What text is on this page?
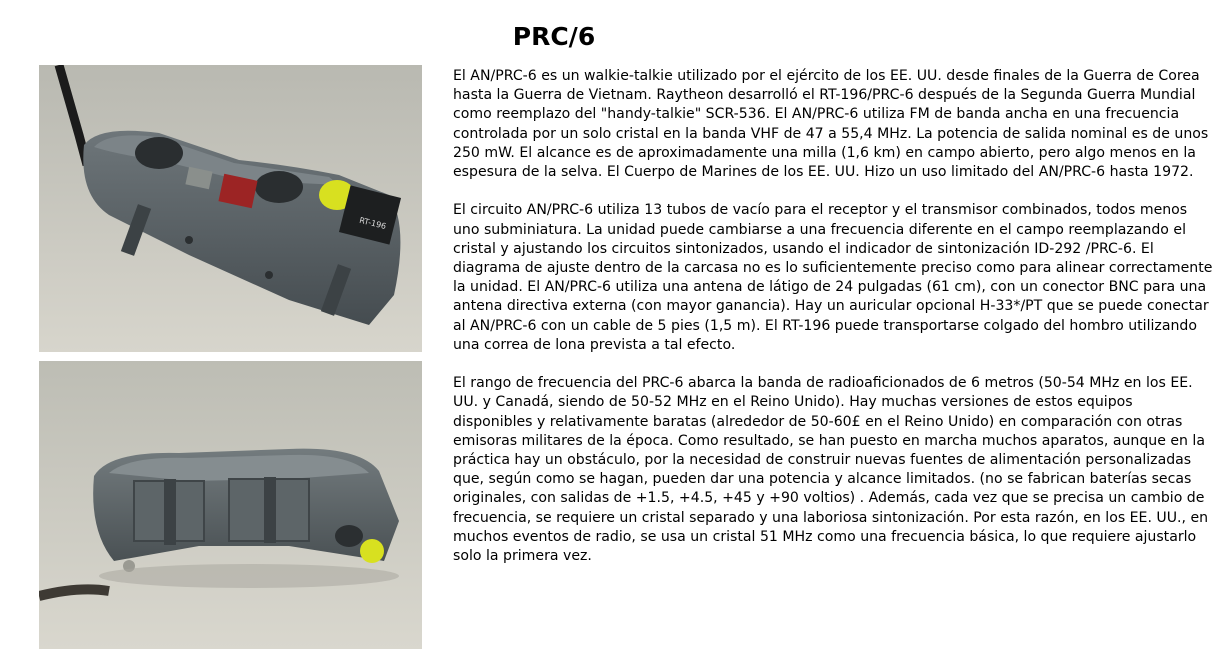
PRC/6
RT-196

El AN/PRC-6 es un walkie-talkie utilizado por el ejército de los EE. UU. desde finales de la Guerra de Corea hasta la Guerra de Vietnam. Raytheon desarrolló el RT-196/PRC-6 después de la Segunda Guerra Mundial como reemplazo del "handy-talkie" SCR-536. El AN/PRC-6 utiliza FM de banda ancha en una frecuencia controlada por un solo cristal en la banda VHF de 47 a 55,4 MHz. La potencia de salida nominal es de unos 250 mW. El alcance es de aproximadamente una milla (1,6 km) en campo abierto, pero algo menos en la espesura de la selva. El Cuerpo de Marines de los EE. UU. Hizo un uso limitado del AN/PRC-6 hasta 1972.

El circuito AN/PRC-6 utiliza 13 tubos de vacío para el receptor y el transmisor combinados, todos menos uno subminiatura. La unidad puede cambiarse a una frecuencia diferente en el campo reemplazando el cristal y ajustando los circuitos sintonizados, usando el indicador de sintonización ID-292 /PRC-6. El diagrama de ajuste dentro de la carcasa no es lo suficientemente preciso como para alinear correctamente la unidad. El AN/PRC-6 utiliza una antena de látigo de 24 pulgadas (61 cm), con un conector BNC para una antena directiva externa (con mayor ganancia). Hay un auricular opcional H-33*/PT que se puede conectar al AN/PRC-6 con un cable de 5 pies (1,5 m). El RT-196 puede transportarse colgado del hombro utilizando una correa de lona prevista a tal efecto.

El rango de frecuencia del PRC-6 abarca la banda de radioaficionados de 6 metros (50-54 MHz en los EE. UU. y Canadá, siendo de 50-52 MHz en el Reino Unido). Hay muchas versiones de estos equipos disponibles y relativamente baratas (alrededor de 50-60£ en el Reino Unido) en comparación con otras emisoras militares de la época. Como resultado, se han puesto en marcha muchos aparatos, aunque en la práctica hay un obstáculo, por la necesidad de construir nuevas fuentes de alimentación personalizadas que, según como se hagan, pueden dar una potencia y alcance limitados. (no se fabrican baterías secas originales, con salidas de +1.5, +4.5, +45 y +90 voltios) . Además, cada vez que se precisa un cambio de frecuencia, se requiere un cristal separado y una laboriosa sintonización. Por esta razón, en los EE. UU., en muchos eventos de radio, se usa un cristal 51 MHz como una frecuencia básica, lo que requiere ajustarlo solo la primera vez.
